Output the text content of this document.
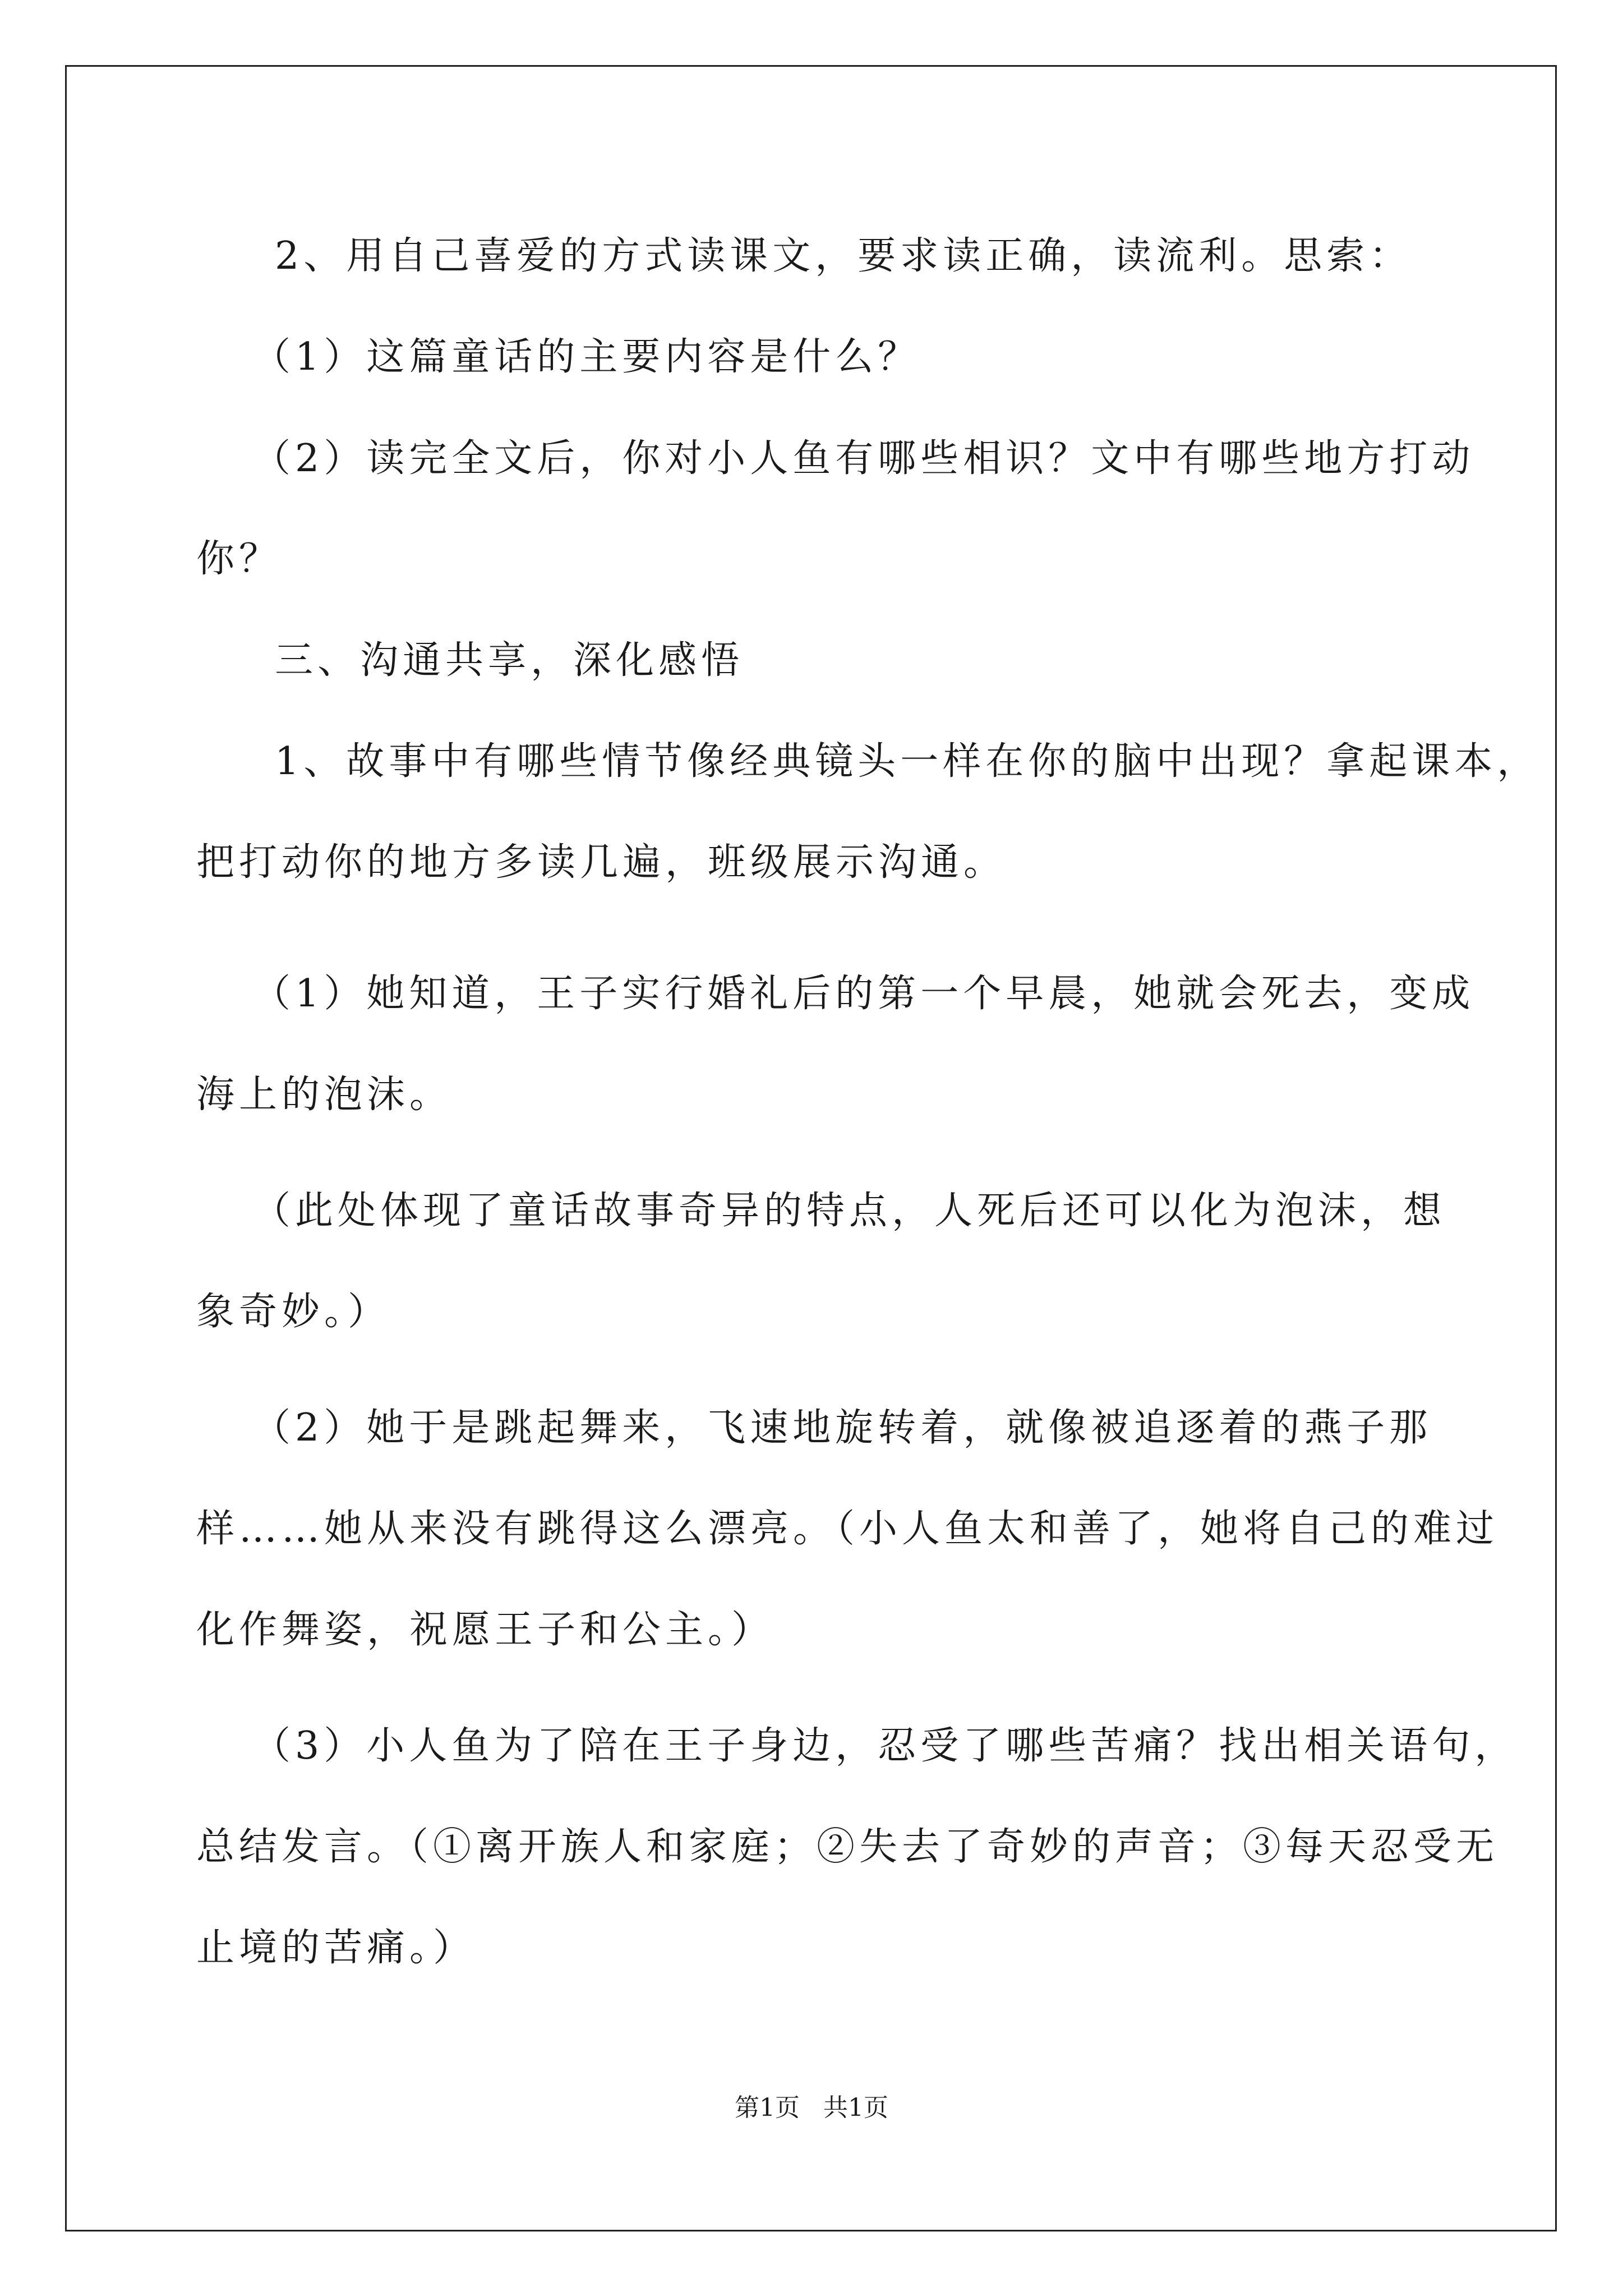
2、用自己喜爱的方式读课文，要求读正确，读流利。思索：
（1）这篇童话的主要内容是什么？
（2）读完全文后，你对小人鱼有哪些相识？文中有哪些地方打动
你？
三、沟通共享，深化感悟
1、故事中有哪些情节像经典镜头一样在你的脑中出现？拿起课本，
把打动你的地方多读几遍，班级展示沟通。
（1）她知道，王子实行婚礼后的第一个早晨，她就会死去，变成
海上的泡沫。
（此处体现了童话故事奇异的特点，人死后还可以化为泡沫，想
象奇妙。）
（2）她于是跳起舞来，飞速地旋转着，就像被追逐着的燕子那
样……她从来没有跳得这么漂亮。（小人鱼太和善了，她将自己的难过
化作舞姿，祝愿王子和公主。）
（3）小人鱼为了陪在王子身边，忍受了哪些苦痛？找出相关语句，
总结发言。（①离开族人和家庭；②失去了奇妙的声音；③每天忍受无
止境的苦痛。）
第1页   共1页
